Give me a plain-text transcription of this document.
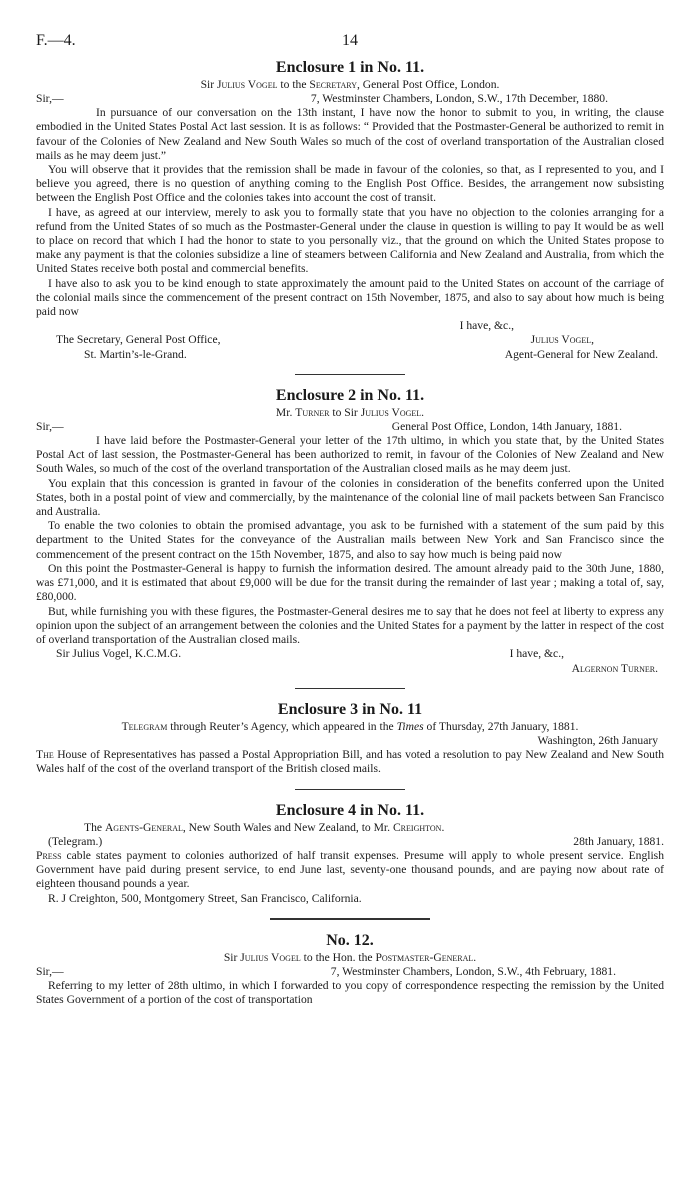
F.—4.	14
Enclosure 1 in No. 11.
Sir Julius Vogel to the Secretary, General Post Office, London.
Sir,—	7, Westminster Chambers, London, S.W., 17th December, 1880.

In pursuance of our conversation on the 13th instant, I have now the honor to submit to you, in writing, the clause embodied in the United States Postal Act last session. It is as follows: “ Provided that the Postmaster-General be authorized to remit in favour of the Colonies of New Zealand and New South Wales so much of the cost of overland transportation of the Australian closed mails as he may deem just.”

You will observe that it provides that the remission shall be made in favour of the colonies, so that, as I represented to you, and I believe you agreed, there is no question of anything coming to the English Post Office. Besides, the arrangement now subsisting between the English Post Office and the colonies takes into account the cost of transit.

I have, as agreed at our interview, merely to ask you to formally state that you have no objection to the colonies arranging for a refund from the United States of so much as the Postmaster-General under the clause in question is willing to pay It would be as well to place on record that which I had the honor to state to you personally viz., that the ground on which the United States propose to make any payment is that the colonies subsidize a line of steamers between California and New Zealand and Australia, from which the United States receive both postal and commercial benefits.

I have also to ask you to be kind enough to state approximately the amount paid to the United States on account of the carriage of the colonial mails since the commencement of the present contract on 15th November, 1875, and also to say about how much is being paid now

I have, &c.,
The Secretary, General Post Office,	Julius Vogel,
St. Martin’s-le-Grand.	Agent-General for New Zealand.
Enclosure 2 in No. 11.
Mr. Turner to Sir Julius Vogel.
Sir,—	General Post Office, London, 14th January, 1881.

I have laid before the Postmaster-General your letter of the 17th ultimo, in which you state that, by the United States Postal Act of last session, the Postmaster-General has been authorized to remit, in favour of the Colonies of New Zealand and New South Wales, so much of the cost of the overland transportation of the Australian closed mails as he may deem just.

You explain that this concession is granted in favour of the colonies in consideration of the benefits conferred upon the United States, both in a postal point of view and commercially, by the maintenance of the colonial line of mail packets between San Francisco and Australia.

To enable the two colonies to obtain the promised advantage, you ask to be furnished with a statement of the sum paid by this department to the United States for the conveyance of the Australian mails between New York and San Francisco since the commencement of the present contract on the 15th November, 1875, and also to say how much is being paid now

On this point the Postmaster-General is happy to furnish the information desired. The amount already paid to the 30th June, 1880, was £71,000, and it is estimated that about £9,000 will be due for the transit during the remainder of last year ; making a total of, say, £80,000.

But, while furnishing you with these figures, the Postmaster-General desires me to say that he does not feel at liberty to express any opinion upon the subject of an arrangement between the colonies and the United States for a payment by the latter in respect of the cost of overland transportation of the Australian closed mails.

I have, &c.,
Sir Julius Vogel, K.C.M.G.
Algernon Turner.
Enclosure 3 in No. 11

Telegram through Reuter’s Agency, which appeared in the Times of Thursday, 27th January, 1881.

Washington, 26th January

The House of Representatives has passed a Postal Appropriation Bill, and has voted a resolution to pay New Zealand and New South Wales half of the cost of the overland transport of the British closed mails.

Enclosure 4 in No. 11.

The Agents-General, New South Wales and New Zealand, to Mr. Creighton.

(Telegram.)	28th January, 1881.

Press cable states payment to colonies authorized of half transit expenses. Presume will apply to whole present service. English Government have paid during present service, to end June last, seventy-one thousand pounds, and are paying now about rate of eighteen thousand pounds a year.

R. J Creighton, 500, Montgomery Street, San Francisco, California.

No. 12.
Sir Julius Vogel to the Hon. the Postmaster-General.
Sir,—	7, Westminster Chambers, London, S.W., 4th February, 1881.

Referring to my letter of 28th ultimo, in which I forwarded to you copy of correspondence respecting the remission by the United States Government of a portion of the cost of transportation
